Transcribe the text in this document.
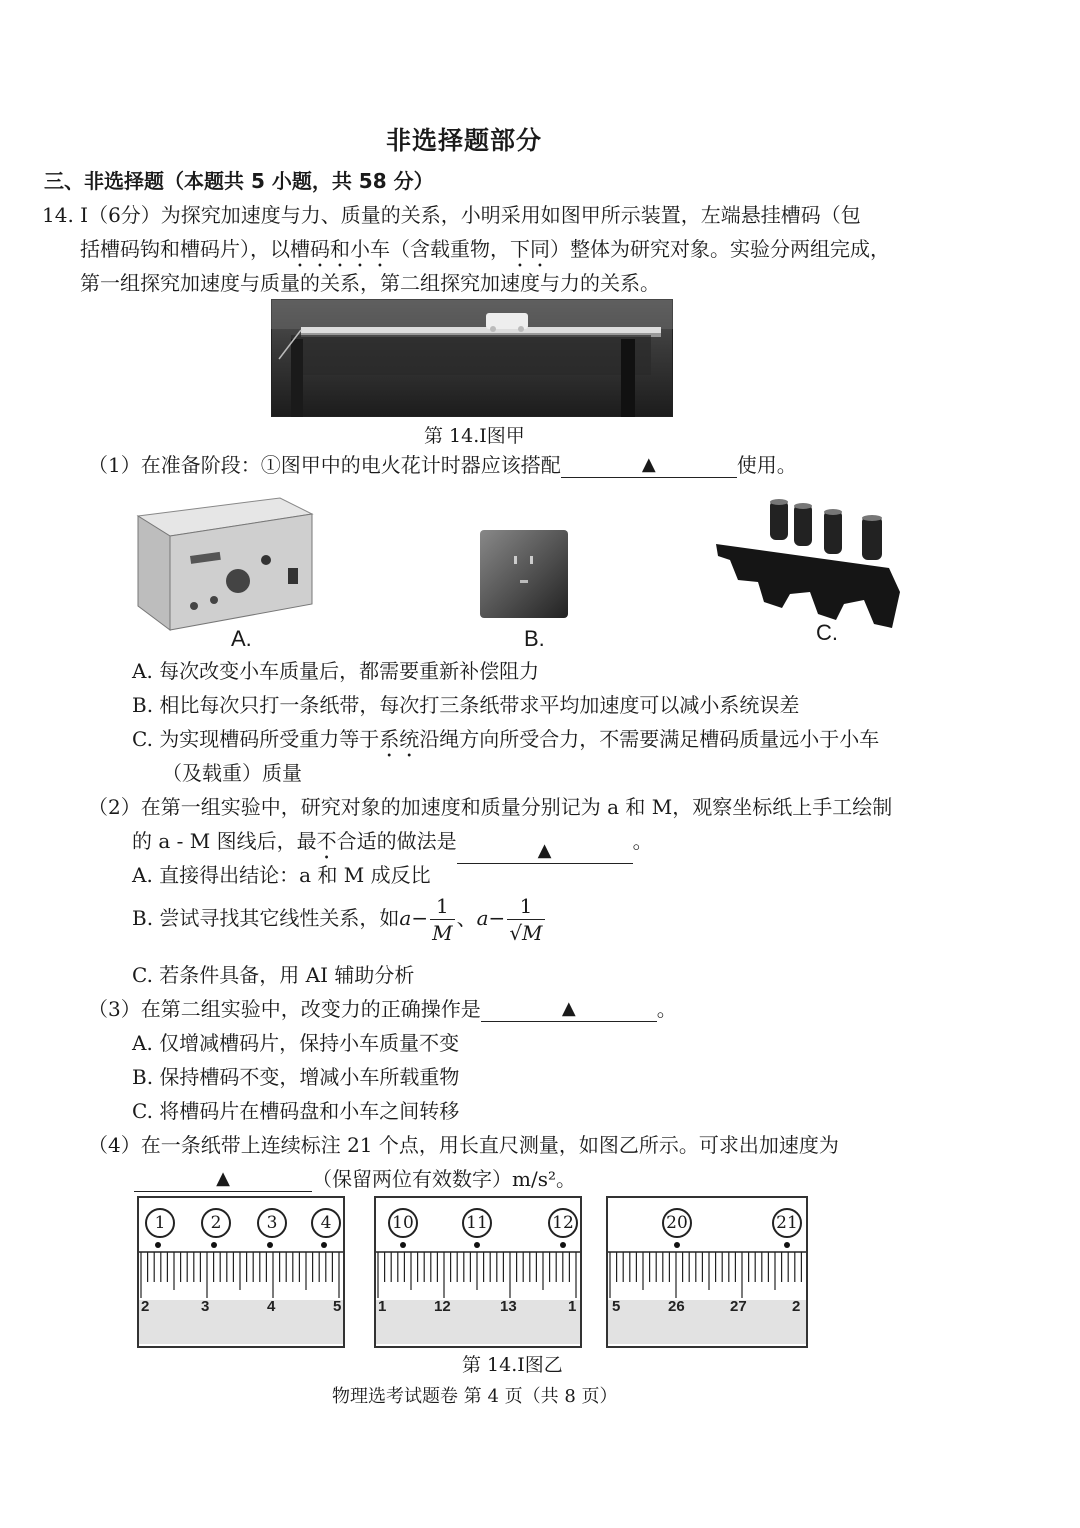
非选择题部分
三、非选择题（本题共 5 小题，共 58 分）
14. Ⅰ（6分）为探究加速度与力、质量的关系，小明采用如图甲所示装置，左端悬挂槽码（包
括槽码钩和槽码片），以槽码和小车（含载重物，下同）整体为研究对象。实验分两组完成，
第一组探究加速度与质量的关系，第二组探究加速度与力的关系。
第 14.Ⅰ图甲
（1）在准备阶段：①图甲中的电火花计时器应该搭配	▲	使用。
A.	B.	C.
A. 每次改变小车质量后，都需要重新补偿阻力
B. 相比每次只打一条纸带，每次打三条纸带求平均加速度可以减小系统误差
C. 为实现槽码所受重力等于系统沿绳方向所受合力，不需要满足槽码质量远小于小车
（及载重）质量
（2）在第一组实验中，研究对象的加速度和质量分别记为 a 和 M，观察坐标纸上手工绘制
的 a - M 图线后，最不合适的做法是	▲	。
A. 直接得出结论：a 和 M 成反比
B. 尝试寻找其它线性关系，如$a- \frac{1}{M}$ 、$a- \frac{1}{√M}$
C. 若条件具备，用 AI 辅助分析
（3）在第二组实验中，改变力的正确操作是	▲	。
A. 仅增减槽码片，保持小车质量不变
B. 保持槽码不变，增减小车所载重物
C. 将槽码片在槽码盘和小车之间转移
（4）在一条纸带上连续标注 21 个点，用长直尺测量，如图乙所示。可求出加速度为
▲	（保留两位有效数字）m/s²。
1	2	3	4
2	3	4	5
10	11	12
1	12	13	1
20	21
5	26	27	2
第 14.Ⅰ图乙
物理选考试题卷 第 4 页（共 8 页）
